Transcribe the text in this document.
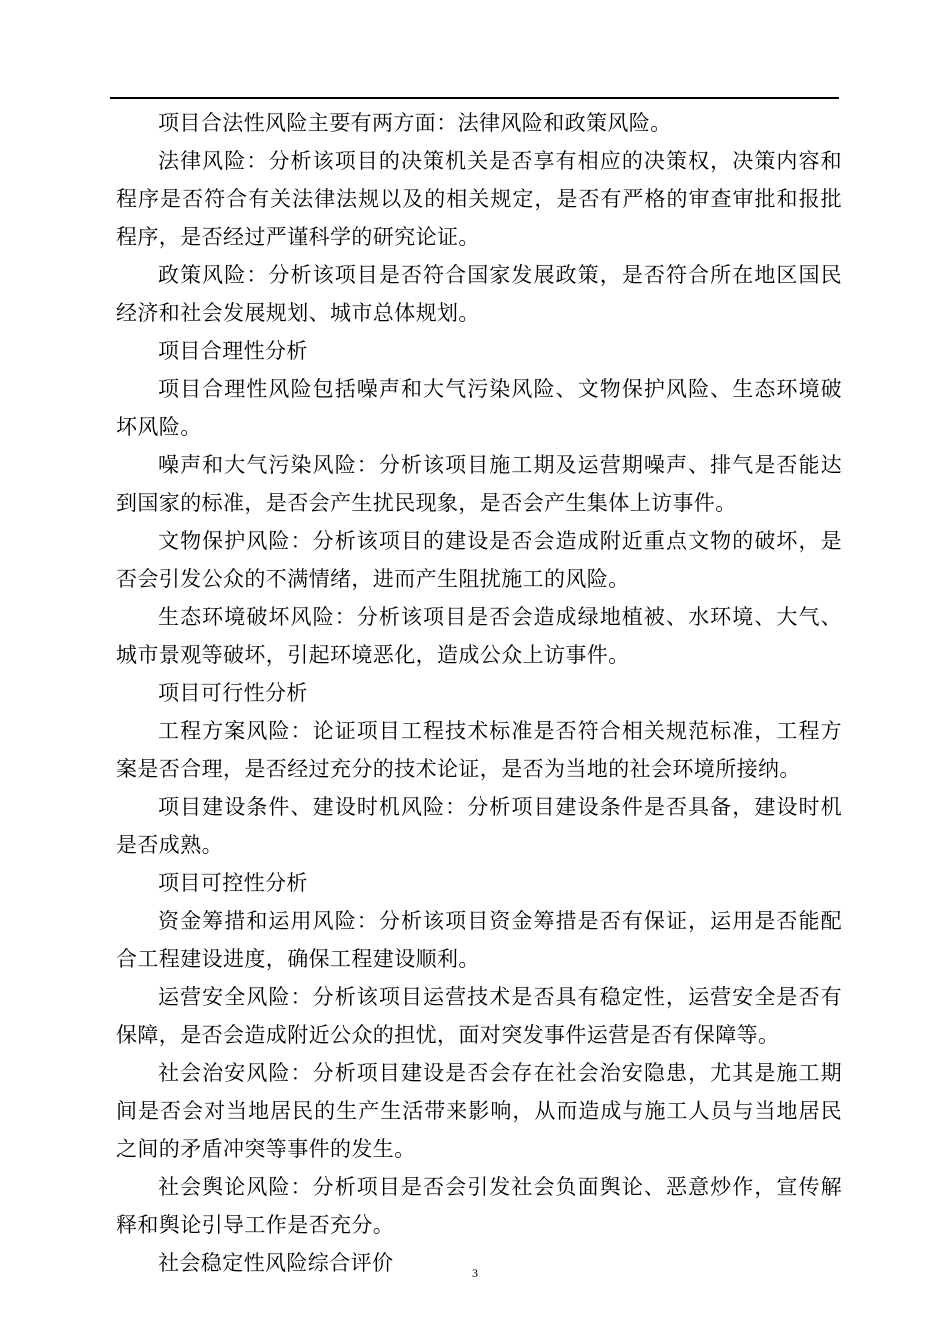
项目合法性风险主要有两方面：法律风险和政策风险。

法律风险：分析该项目的决策机关是否享有相应的决策权，决策内容和程序是否符合有关法律法规以及的相关规定，是否有严格的审查审批和报批程序，是否经过严谨科学的研究论证。

政策风险：分析该项目是否符合国家发展政策，是否符合所在地区国民经济和社会发展规划、城市总体规划。

项目合理性分析

项目合理性风险包括噪声和大气污染风险、文物保护风险、生态环境破坏风险。

噪声和大气污染风险：分析该项目施工期及运营期噪声、排气是否能达到国家的标准，是否会产生扰民现象，是否会产生集体上访事件。

文物保护风险：分析该项目的建设是否会造成附近重点文物的破坏，是否会引发公众的不满情绪，进而产生阻扰施工的风险。

生态环境破坏风险：分析该项目是否会造成绿地植被、水环境、大气、城市景观等破坏，引起环境恶化，造成公众上访事件。

项目可行性分析

工程方案风险：论证项目工程技术标准是否符合相关规范标准，工程方案是否合理，是否经过充分的技术论证，是否为当地的社会环境所接纳。

项目建设条件、建设时机风险：分析项目建设条件是否具备，建设时机是否成熟。

项目可控性分析

资金筹措和运用风险：分析该项目资金筹措是否有保证，运用是否能配合工程建设进度，确保工程建设顺利。

运营安全风险：分析该项目运营技术是否具有稳定性，运营安全是否有保障，是否会造成附近公众的担忧，面对突发事件运营是否有保障等。

社会治安风险：分析项目建设是否会存在社会治安隐患，尤其是施工期间是否会对当地居民的生产生活带来影响，从而造成与施工人员与当地居民之间的矛盾冲突等事件的发生。

社会舆论风险：分析项目是否会引发社会负面舆论、恶意炒作，宣传解释和舆论引导工作是否充分。

社会稳定性风险综合评价	3
